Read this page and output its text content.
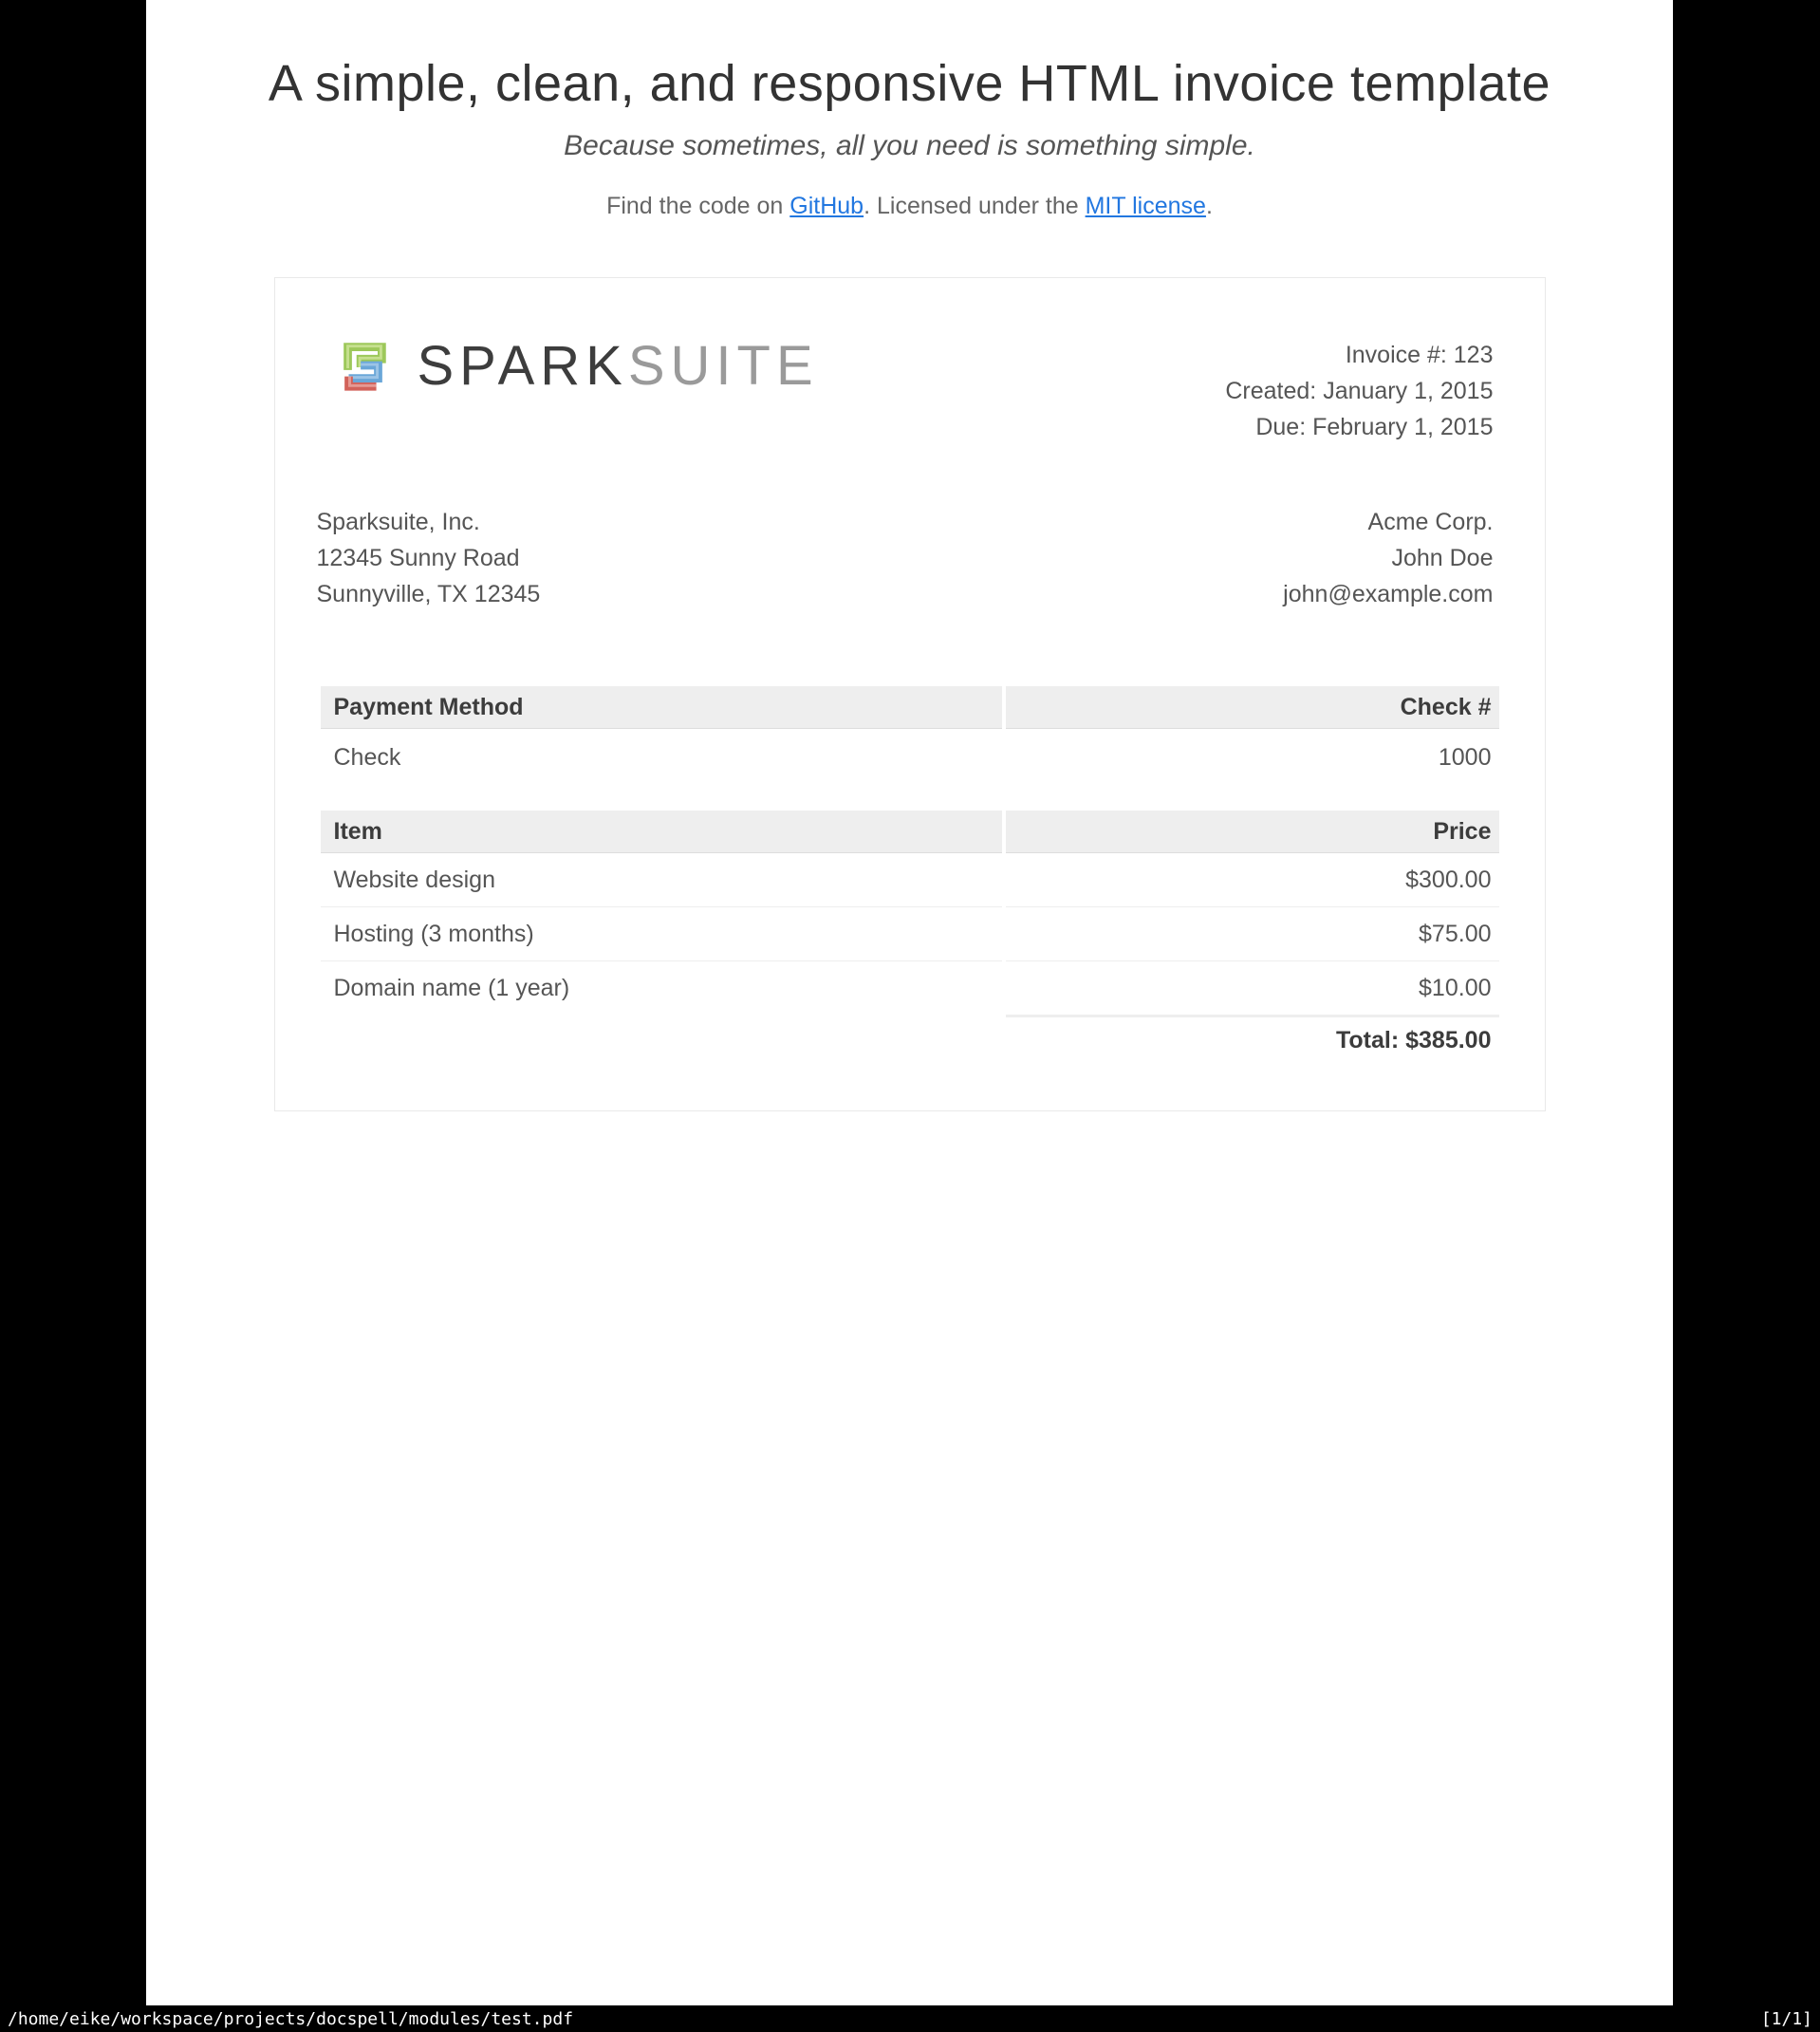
A simple, clean, and responsive HTML invoice template

Because sometimes, all you need is something simple.

Find the code on GitHub. Licensed under the MIT license.

SPARKSUITE	Invoice #: 123
Created: January 1, 2015
Due: February 1, 2015
Sparksuite, Inc.
12345 Sunny Road
Sunnyville, TX 12345
Acme Corp.
John Doe
john@example.com
Payment Method	Check #
Check	1000
Item	Price
Website design	$300.00
Hosting (3 months)	$75.00
Domain name (1 year)	$10.00
	Total: $385.00
/home/eike/workspace/projects/docspell/modules/test.pdf	[1/1]
